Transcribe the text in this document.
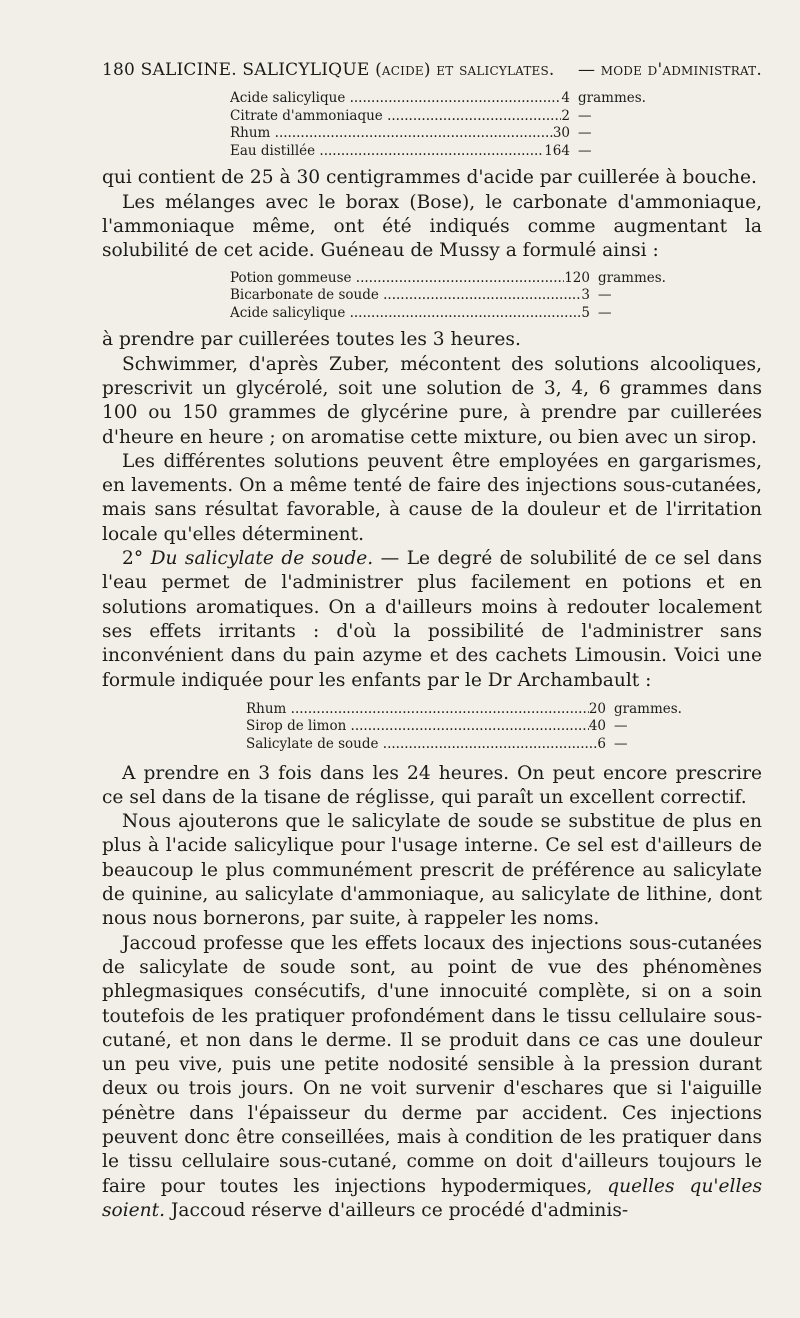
180 SALICINE. SALICYLIQUE (acide) et salicylates. — mode d'administrat.
Acide salicylique .....	4 grammes.
Citrate d'ammoniaque .....	2 —
Rhum .....	30 —
Eau distillée .....	164 —

qui contient de 25 à 30 centigrammes d'acide par cuillerée à bouche.

Les mélanges avec le borax (Bose), le carbonate d'ammoniaque, l'ammoniaque même, ont été indiqués comme augmentant la solubilité de cet acide. Guéneau de Mussy a formulé ainsi :

Potion gommeuse .....	120 grammes.
Bicarbonate de soude .....	3 —
Acide salicylique .....	5 —

à prendre par cuillerées toutes les 3 heures.

Schwimmer, d'après Zuber, mécontent des solutions alcooliques, prescrivit un glycérolé, soit une solution de 3, 4, 6 grammes dans 100 ou 150 grammes de glycérine pure, à prendre par cuillerées d'heure en heure ; on aromatise cette mixture, ou bien avec un sirop.

Les différentes solutions peuvent être employées en gargarismes, en lavements. On a même tenté de faire des injections sous-cutanées, mais sans résultat favorable, à cause de la douleur et de l'irritation locale qu'elles déterminent.

2° Du salicylate de soude. — Le degré de solubilité de ce sel dans l'eau permet de l'administrer plus facilement en potions et en solutions aromatiques. On a d'ailleurs moins à redouter localement ses effets irritants : d'où la possibilité de l'administrer sans inconvénient dans du pain azyme et des cachets Limousin. Voici une formule indiquée pour les enfants par le Dr Archambault :

Rhum .....	20 grammes.
Sirop de limon .....	40 —
Salicylate de soude .....	6 —

A prendre en 3 fois dans les 24 heures. On peut encore prescrire ce sel dans de la tisane de réglisse, qui paraît un excellent correctif.

Nous ajouterons que le salicylate de soude se substitue de plus en plus à l'acide salicylique pour l'usage interne. Ce sel est d'ailleurs de beaucoup le plus communément prescrit de préférence au salicylate de quinine, au salicylate d'ammoniaque, au salicylate de lithine, dont nous nous bornerons, par suite, à rappeler les noms.

Jaccoud professe que les effets locaux des injections sous-cutanées de salicylate de soude sont, au point de vue des phénomènes phlegmasiques consécutifs, d'une innocuité complète, si on a soin toutefois de les pratiquer profondément dans le tissu cellulaire sous-cutané, et non dans le derme. Il se produit dans ce cas une douleur un peu vive, puis une petite nodosité sensible à la pression durant deux ou trois jours. On ne voit survenir d'eschares que si l'aiguille pénètre dans l'épaisseur du derme par accident. Ces injections peuvent donc être conseillées, mais à condition de les pratiquer dans le tissu cellulaire sous-cutané, comme on doit d'ailleurs toujours le faire pour toutes les injections hypodermiques, quelles qu'elles soient. Jaccoud réserve d'ailleurs ce procédé d'adminis-
